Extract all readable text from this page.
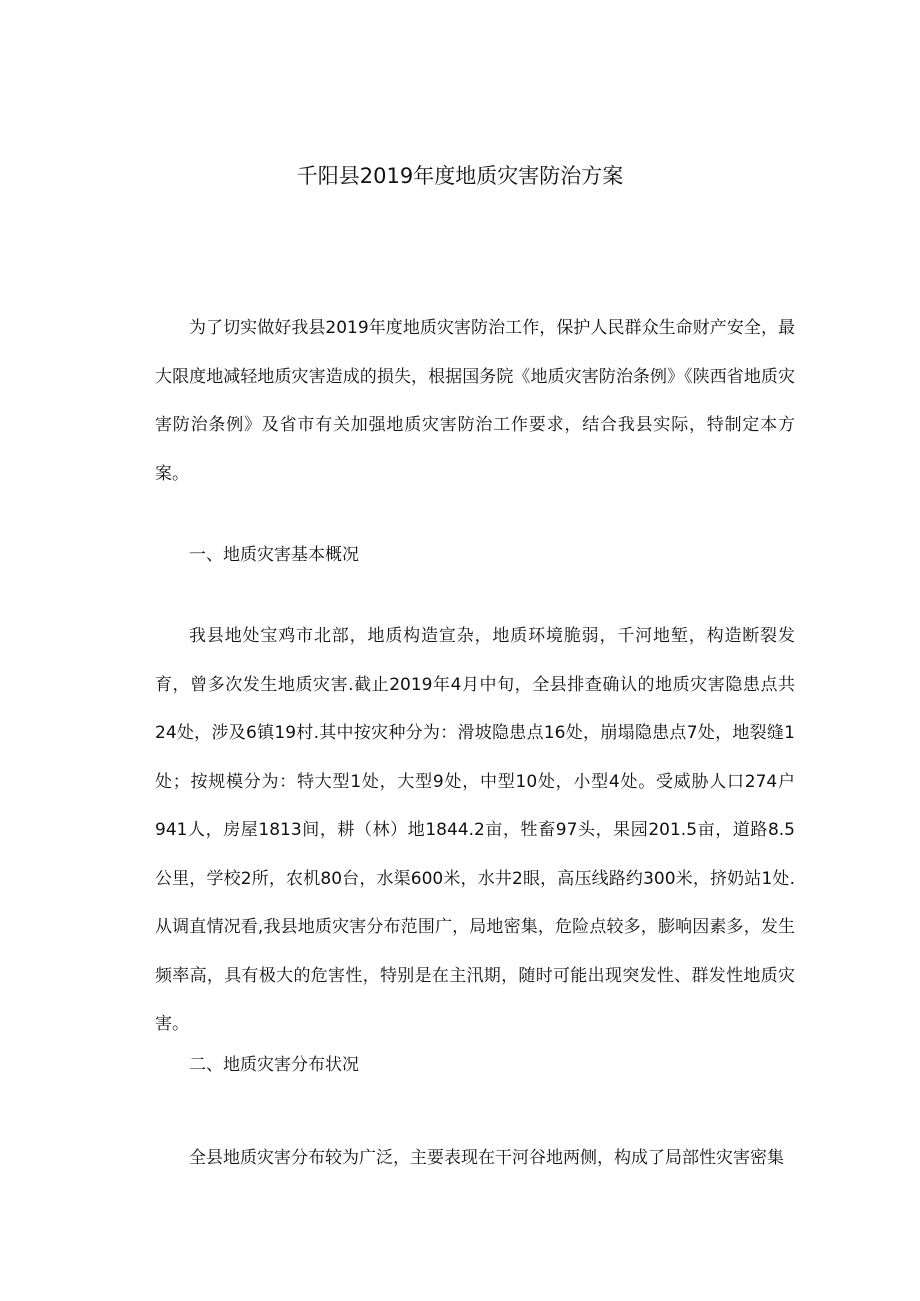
千阳县2019年度地质灾害防治方案

为了切实做好我县2019年度地质灾害防治工作，保护人民群众生命财产安全，最大限度地减轻地质灾害造成的损失，根据国务院《地质灾害防治条例》《陕西省地质灾害防治条例》及省市有关加强地质灾害防治工作要求，结合我县实际，特制定本方案。

一、地质灾害基本概况

我县地处宝鸡市北部，地质构造宣杂，地质环境脆弱，千河地堑，构造断裂发育，曾多次发生地质灾害.截止2019年4月中旬，全县排查确认的地质灾害隐患点共24处，涉及6镇19村.其中按灾种分为：滑坡隐患点16处，崩塌隐患点7处，地裂缝1处；按规模分为：特大型1处，大型9处，中型10处，小型4处。受威胁人口274户941人，房屋1813间，耕（林）地1844.2亩，牲畜97头，果园201.5亩，道路8.5公里，学校2所，农机80台，水渠600米，水井2眼，高压线路约300米，挤奶站1处.从调直情况看,我县地质灾害分布范围广，局地密集，危险点较多，膨响因素多，发生频率高，具有极大的危害性，特别是在主汛期，随时可能出现突发性、群发性地质灾害。

二、地质灾害分布状况

全县地质灾害分布较为广泛，主要表现在干河谷地两侧，构成了局部性灾害密集
